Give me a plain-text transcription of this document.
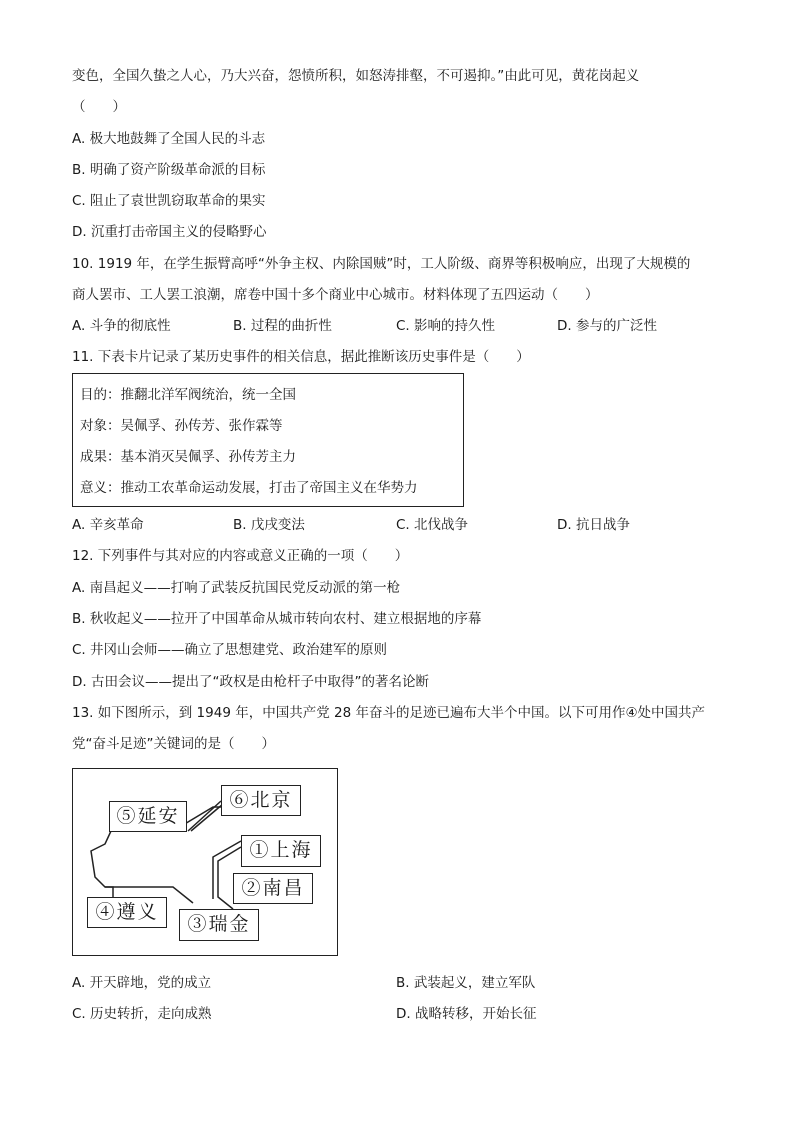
变色，全国久蛰之人心，乃大兴奋，怨愤所积，如怒涛排壑，不可遏抑。”由此可见，黄花岗起义
（　　）
A. 极大地鼓舞了全国人民的斗志
B. 明确了资产阶级革命派的目标
C. 阻止了袁世凯窃取革命的果实
D. 沉重打击帝国主义的侵略野心
10. 1919 年，在学生振臂高呼“外争主权、内除国贼”时，工人阶级、商界等积极响应，出现了大规模的
商人罢市、工人罢工浪潮，席卷中国十多个商业中心城市。材料体现了五四运动（　　）
A. 斗争的彻底性	B. 过程的曲折性	C. 影响的持久性	D. 参与的广泛性
11. 下表卡片记录了某历史事件的相关信息，据此推断该历史事件是（　　）
目的：推翻北洋军阀统治，统一全国
对象：吴佩孚、孙传芳、张作霖等
成果：基本消灭吴佩孚、孙传芳主力
意义：推动工农革命运动发展，打击了帝国主义在华势力
A. 辛亥革命	B. 戊戌变法	C. 北伐战争	D. 抗日战争
12. 下列事件与其对应的内容或意义正确的一项（　　）
A. 南昌起义——打响了武装反抗国民党反动派的第一枪
B. 秋收起义——拉开了中国革命从城市转向农村、建立根据地的序幕
C. 井冈山会师——确立了思想建党、政治建军的原则
D. 古田会议——提出了“政权是由枪杆子中取得”的著名论断
13. 如下图所示，到 1949 年，中国共产党 28 年奋斗的足迹已遍布大半个中国。以下可用作④处中国共产
党“奋斗足迹”关键词的是（　　）
⑤延安
⑥北京
①上海
②南昌
④遵义
③瑞金
A. 开天辟地，党的成立	B. 武装起义，建立军队
C. 历史转折，走向成熟	D. 战略转移，开始长征
